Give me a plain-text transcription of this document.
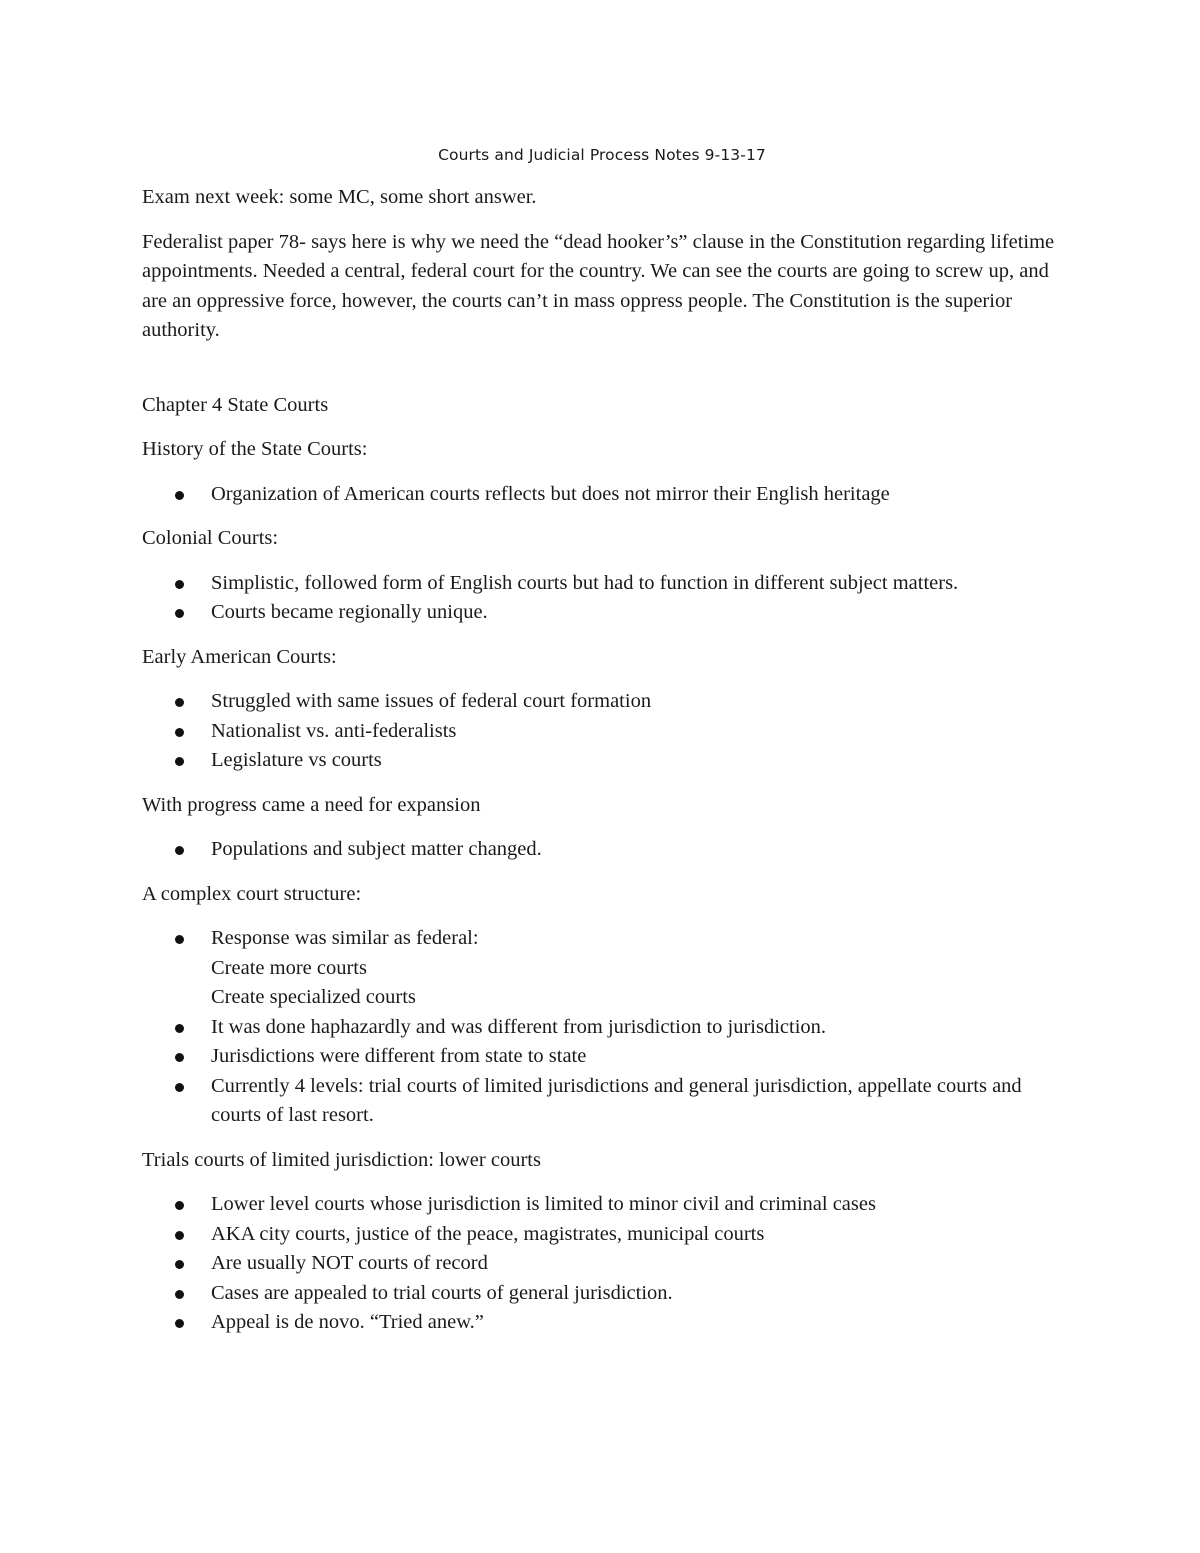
Courts and Judicial Process Notes 9-13-17

Exam next week: some MC, some short answer.

Federalist paper 78- says here is why we need the “dead hooker’s” clause in the Constitution regarding lifetime appointments. Needed a central, federal court for the country. We can see the courts are going to screw up, and are an oppressive force, however, the courts can’t in mass oppress people. The Constitution is the superior authority.

Chapter 4 State Courts

History of the State Courts:

Organization of American courts reflects but does not mirror their English heritage

Colonial Courts:

Simplistic, followed form of English courts but had to function in different subject matters.
Courts became regionally unique.

Early American Courts:

Struggled with same issues of federal court formation
Nationalist vs. anti-federalists
Legislature vs courts

With progress came a need for expansion

Populations and subject matter changed.

A complex court structure:

Response was similar as federal:
Create more courts
Create specialized courts
It was done haphazardly and was different from jurisdiction to jurisdiction.
Jurisdictions were different from state to state
Currently 4 levels: trial courts of limited jurisdictions and general jurisdiction, appellate courts and courts of last resort.

Trials courts of limited jurisdiction: lower courts

Lower level courts whose jurisdiction is limited to minor civil and criminal cases
AKA city courts, justice of the peace, magistrates, municipal courts
Are usually NOT courts of record
Cases are appealed to trial courts of general jurisdiction.
Appeal is de novo. “Tried anew.”
